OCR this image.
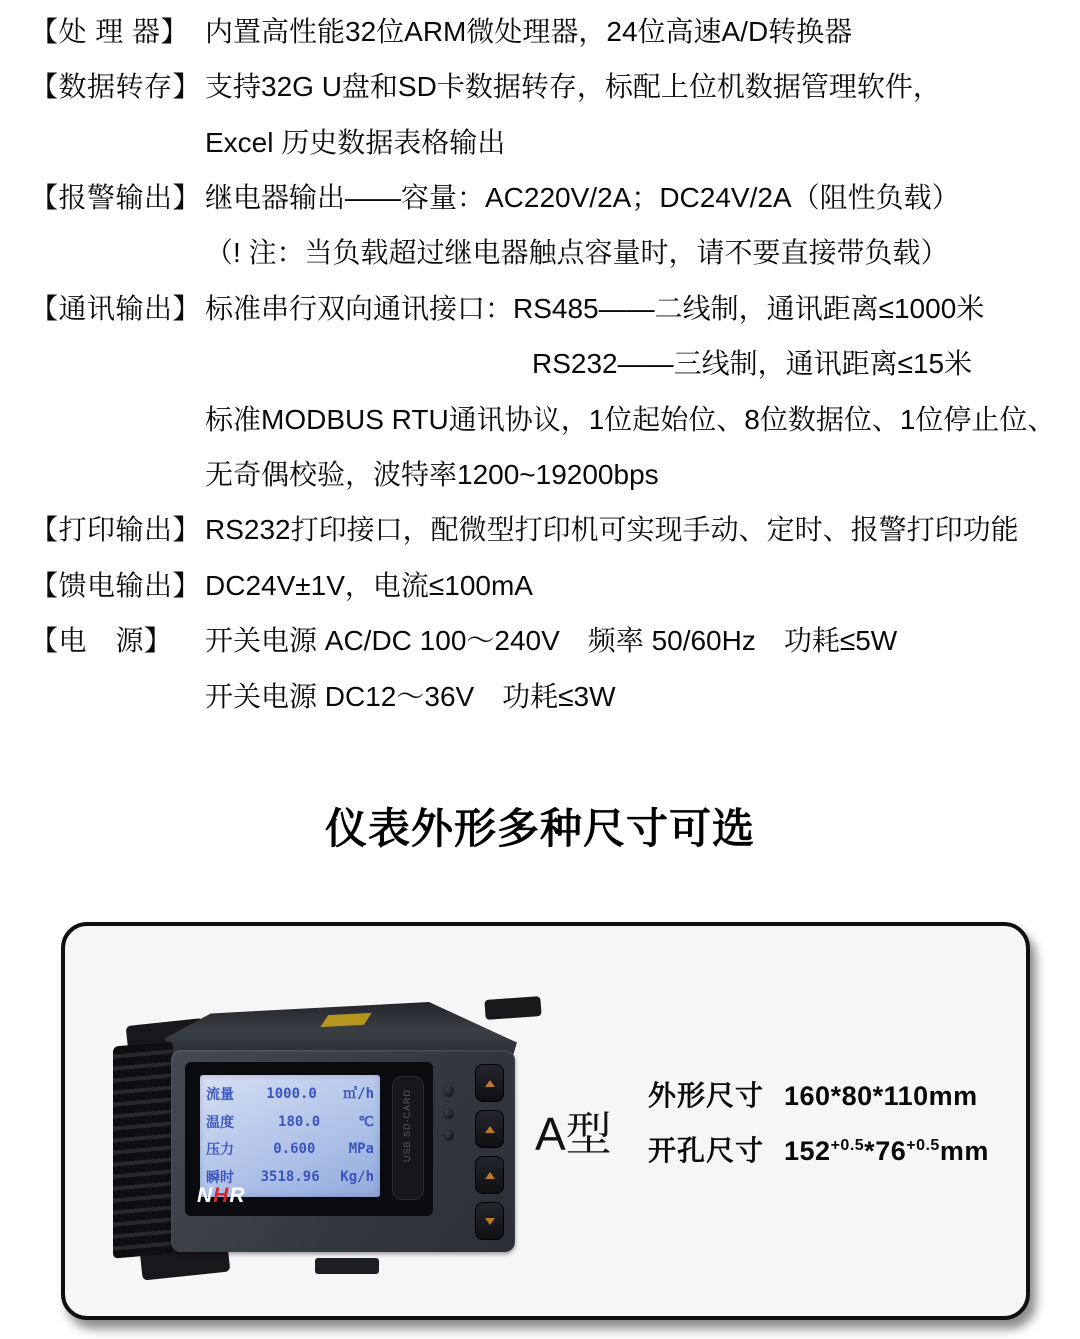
【处 理 器】 内置高性能32位ARM微处理器，24位高速A/D转换器
【数据转存】 支持32G U盘和SD卡数据转存，标配上位机数据管理软件，
Excel 历史数据表格输出
【报警输出】 继电器输出——容量：AC220V/2A；DC24V/2A（阻性负载）
（! 注：当负载超过继电器触点容量时，请不要直接带负载）
【通讯输出】 标准串行双向通讯接口：RS485——二线制，通讯距离≤1000米
RS232——三线制，通讯距离≤15米
标准MODBUS RTU通讯协议，1位起始位、8位数据位、1位停止位、
无奇偶校验，波特率1200~19200bps
【打印输出】 RS232打印接口，配微型打印机可实现手动、定时、报警打印功能
【馈电输出】 DC24V±1V，电流≤100mA
【电　源】	开关电源 AC/DC 100～240V　频率 50/60Hz　功耗≤5W
开关电源 DC12～36V　功耗≤3W
仪表外形多种尺寸可选
流量	1000.0	㎥/h
温度	180.0	℃
压力	0.600	MPa
瞬时	3518.96	Kg/h
USB SD-CARD
NHR
A型
外形尺寸 160*80*110mm
开孔尺寸 $152^{+0.5}*76^{+0.5}mm$
